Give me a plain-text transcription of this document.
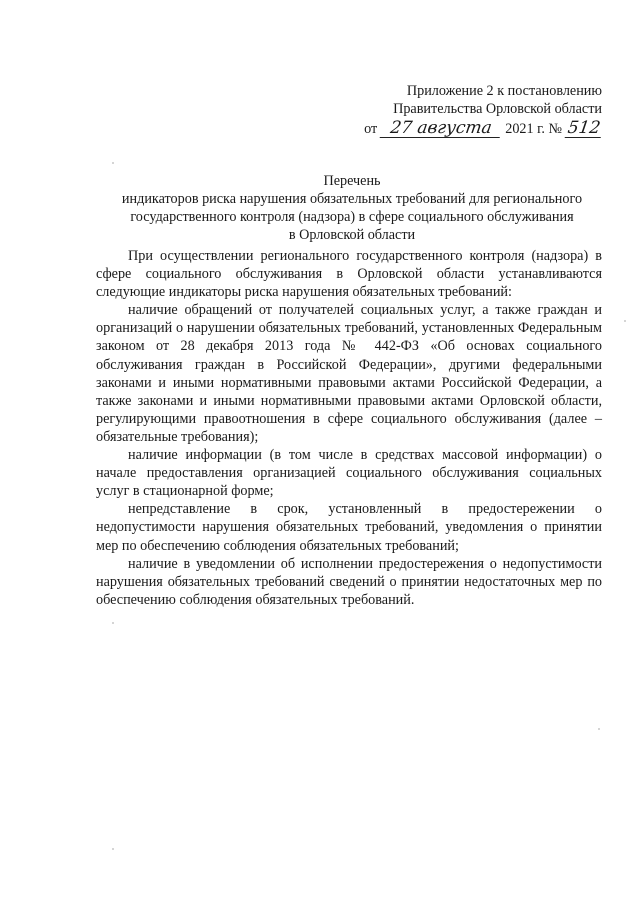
Приложение 2 к постановлению
Правительства Орловской области
от 27 августа 2021 г. № 512
Перечень
индикаторов риска нарушения обязательных требований для регионального
государственного контроля (надзора) в сфере социального обслуживания
в Орловской области

При осуществлении регионального государственного контроля (надзора) в сфере социального обслуживания в Орловской области устанавливаются следующие индикаторы риска нарушения обязательных требований:

наличие обращений от получателей социальных услуг, а также граждан и организаций о нарушении обязательных требований, установленных Федеральным законом от 28 декабря 2013 года № 442-ФЗ «Об основах социального обслуживания граждан в Российской Федерации», другими федеральными законами и иными нормативными правовыми актами Российской Федерации, а также законами и иными нормативными правовыми актами Орловской области, регулирующими правоотношения в сфере социального обслуживания (далее – обязательные требования);

наличие информации (в том числе в средствах массовой информации) о начале предоставления организацией социального обслуживания социальных услуг в стационарной форме;

непредставление в срок, установленный в предостережении о недопустимости нарушения обязательных требований, уведомления о принятии мер по обеспечению соблюдения обязательных требований;

наличие в уведомлении об исполнении предостережения о недопустимости нарушения обязательных требований сведений о принятии недостаточных мер по обеспечению соблюдения обязательных требований.
